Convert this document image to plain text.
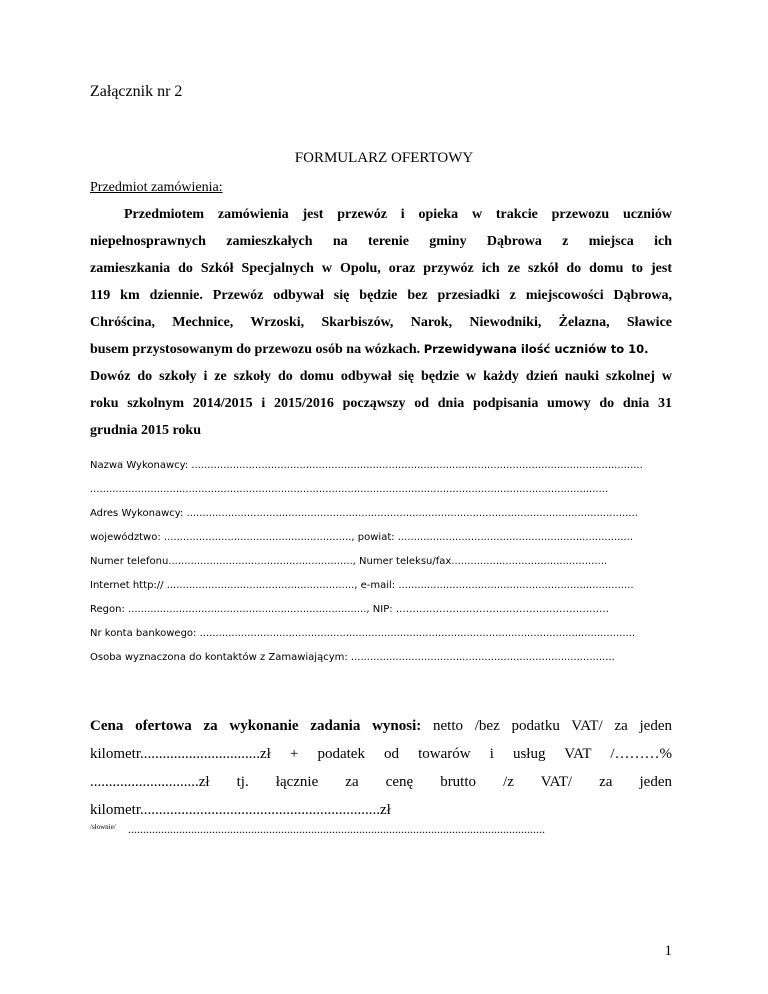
Załącznik nr 2
FORMULARZ OFERTOWY
Przedmiot zamówienia:
Przedmiotem zamówienia jest przewóz i opieka w trakcie przewozu uczniów
niepełnosprawnych zamieszkałych na terenie gminy Dąbrowa z miejsca ich
zamieszkania do Szkół Specjalnych w Opolu, oraz przywóz ich ze szkół do domu to jest
119 km dziennie. Przewóz odbywał się będzie bez przesiadki z miejscowości Dąbrowa,
Chróścina, Mechnice, Wrzoski, Skarbiszów, Narok, Niewodniki, Żelazna, Sławice
busem przystosowanym do przewozu osób na wózkach. Przewidywana ilość uczniów to 10.
Dowóz do szkoły i ze szkoły do domu odbywał się będzie w każdy dzień nauki szkolnej w
roku szkolnym 2014/2015 i 2015/2016 począwszy od dnia podpisania umowy do dnia 31
grudnia 2015 roku
Nazwa Wykonawcy: ..............................................................................................................................................
...................................................................................................................................................................
Adres Wykonawcy: ..............................................................................................................................................
województwo: ..........................................................., powiat: ..........................................................................
Numer telefonu.........................................................., Numer teleksu/fax.................................................
Internet http:// ..........................................................., e-mail: ..........................................................................
Regon: ..........................................................................., NIP: ……………………………………………………….
Nr konta bankowego: .........................................................................................................................................
Osoba wyznaczona do kontaktów z Zamawiającym: ...................................................................................
Cena ofertowa za wykonanie zadania wynosi: netto /bez podatku VAT/ za jeden
kilometr................................zł + podatek od towarów i usług VAT /………%
.............................zł tj. łącznie za cenę brutto /z VAT/ za jeden
kilometr................................................................zł
/słownie/ ...........................................................................................................................................
1
